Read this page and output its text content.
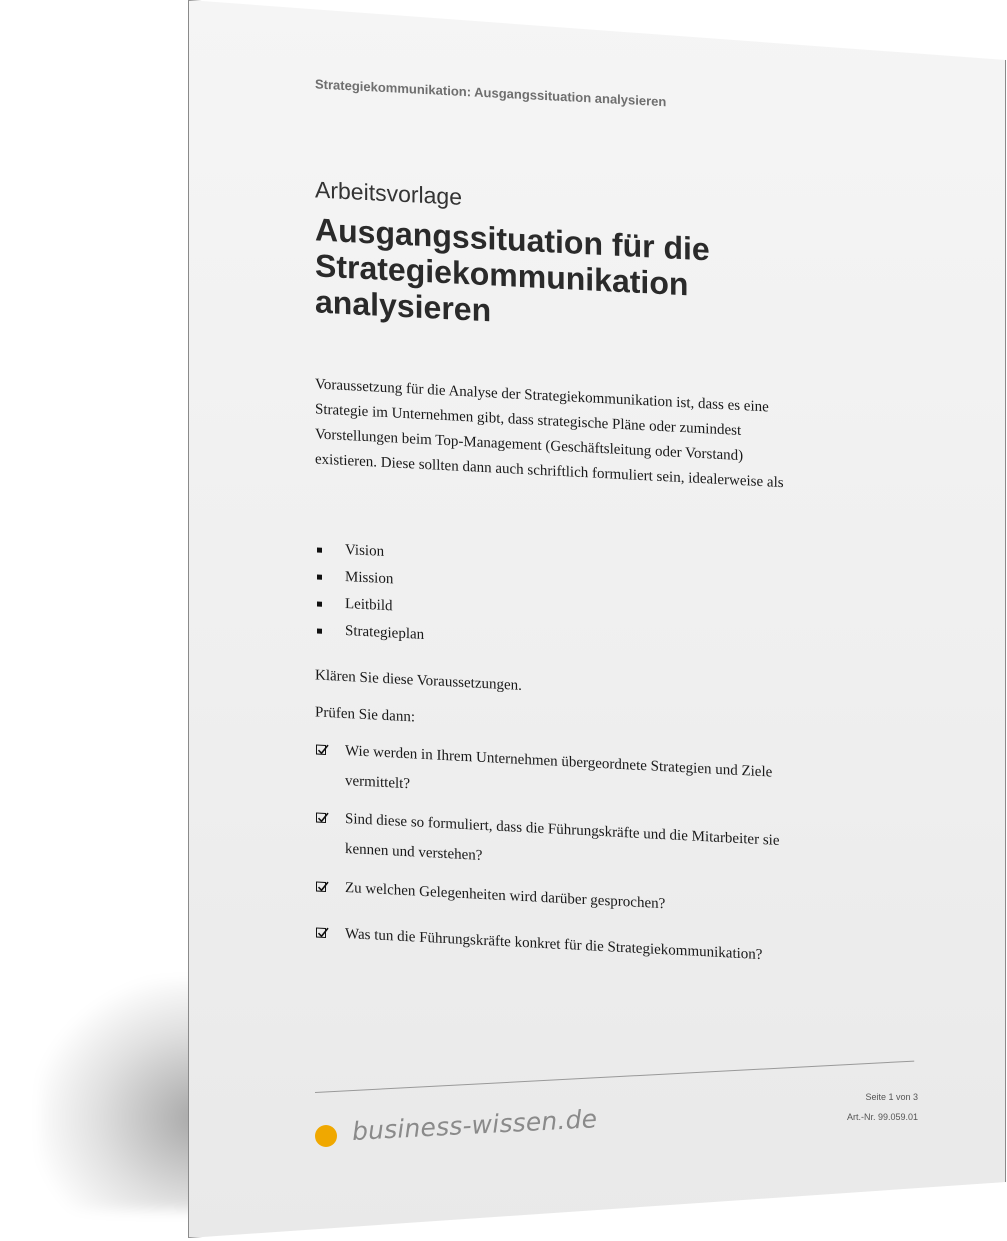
Strategiekommunikation: Ausgangssituation analysieren
Arbeitsvorlage
Ausgangssituation für die Strategiekommunikation analysieren
Voraussetzung für die Analyse der Strategiekommunikation ist, dass es eine Strategie im Unternehmen gibt, dass strategische Pläne oder zumindest Vorstellungen beim Top-Management (Geschäftsleitung oder Vorstand) existieren. Diese sollten dann auch schriftlich formuliert sein, idealerweise als
Vision
Mission
Leitbild
Strategieplan
Klären Sie diese Voraussetzungen.
Prüfen Sie dann:
Wie werden in Ihrem Unternehmen übergeordnete Strategien und Ziele vermittelt?
Sind diese so formuliert, dass die Führungskräfte und die Mitarbeiter sie kennen und verstehen?
Zu welchen Gelegenheiten wird darüber gesprochen?
Was tun die Führungskräfte konkret für die Strategiekommunikation?
Seite 1 von 3
Art.-Nr. 99.059.01
business-wissen.de
